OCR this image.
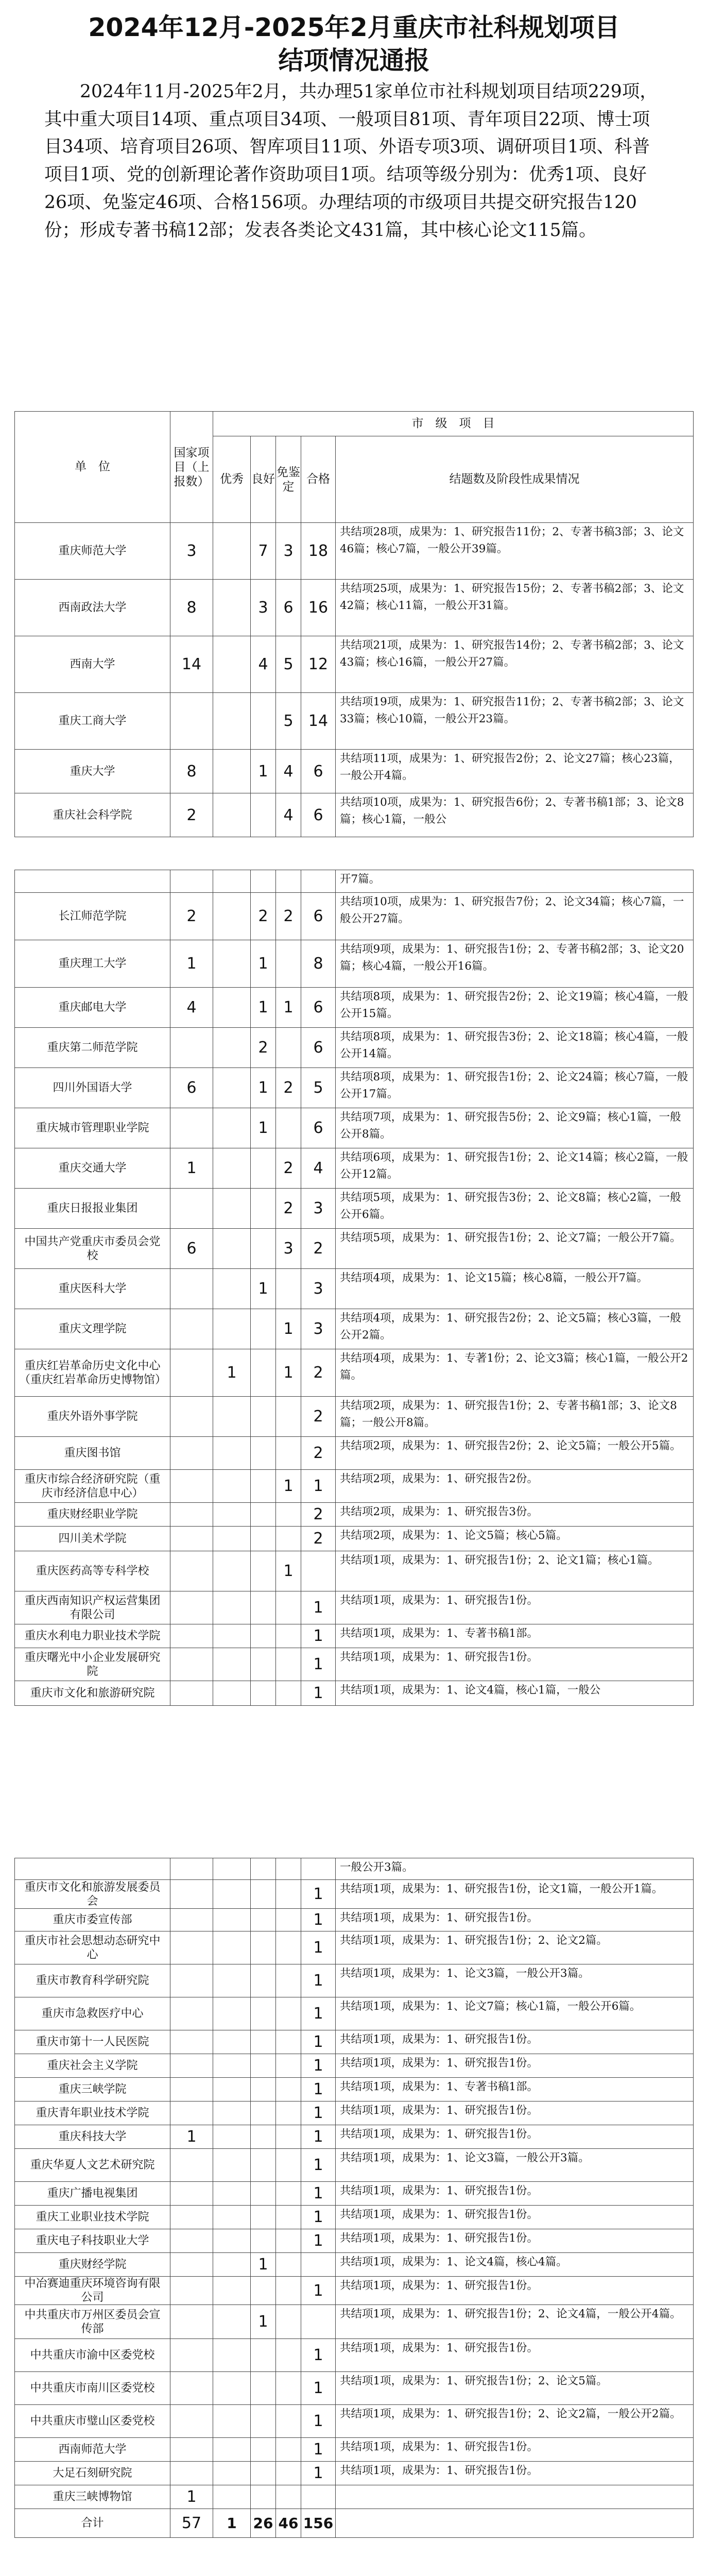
2024年12月-2025年2月重庆市社科规划项目
结项情况通报

2024年11月-2025年2月，共办理51家单位市社科规划项目结项229项，其中重大项目14项、重点项目34项、一般项目81项、青年项目22项、博士项目34项、培育项目26项、智库项目11项、外语专项3项、调研项目1项、科普项目1项、党的创新理论著作资助项目1项。结项等级分别为：优秀1项、良好26项、免鉴定46项、合格156项。办理结项的市级项目共提交研究报告120份；形成专著书稿12部；发表各类论文431篇，其中核心论文115篇。

单　位	国家项目（上报数）	市　级　项　目				
		优秀	良好	免鉴定	合格	结题数及阶段性成果情况
重庆师范大学	3		7	3	18	共结项28项，成果为：1、研究报告11份；2、专著书稿3部；3、论文46篇；核心7篇，一般公开39篇。
西南政法大学	8		3	6	16	共结项25项，成果为：1、研究报告15份；2、专著书稿2部；3、论文42篇；核心11篇，一般公开31篇。
西南大学	14		4	5	12	共结项21项，成果为：1、研究报告14份；2、专著书稿2部；3、论文43篇；核心16篇，一般公开27篇。
重庆工商大学				5	14	共结项19项，成果为：1、研究报告11份；2、专著书稿2部；3、论文33篇；核心10篇，一般公开23篇。
重庆大学	8		1	4	6	共结项11项，成果为：1、研究报告2份；2、论文27篇；核心23篇，一般公开4篇。
重庆社会科学院	2			4	6	共结项10项，成果为：1、研究报告6份；2、专著书稿1部；3、论文8篇；核心1篇，一般公
						开7篇。
长江师范学院	2		2	2	6	共结项10项，成果为：1、研究报告7份；2、论文34篇；核心7篇，一般公开27篇。
重庆理工大学	1		1		8	共结项9项，成果为：1、研究报告1份；2、专著书稿2部；3、论文20篇；核心4篇，一般公开16篇。
重庆邮电大学	4		1	1	6	共结项8项，成果为：1、研究报告2份；2、论文19篇；核心4篇，一般公开15篇。
重庆第二师范学院			2		6	共结项8项，成果为：1、研究报告3份；2、论文18篇；核心4篇，一般公开14篇。
四川外国语大学	6		1	2	5	共结项8项，成果为：1、研究报告1份；2、论文24篇；核心7篇，一般公开17篇。
重庆城市管理职业学院			1		6	共结项7项，成果为：1、研究报告5份；2、论文9篇；核心1篇，一般公开8篇。
重庆交通大学	1			2	4	共结项6项，成果为：1、研究报告1份；2、论文14篇；核心2篇，一般公开12篇。
重庆日报报业集团				2	3	共结项5项，成果为：1、研究报告3份；2、论文8篇；核心2篇，一般公开6篇。
中国共产党重庆市委员会党校	6			3	2	共结项5项，成果为：1、研究报告1份；2、论文7篇；一般公开7篇。
重庆医科大学			1		3	共结项4项，成果为：1、论文15篇；核心8篇，一般公开7篇。
重庆文理学院				1	3	共结项4项，成果为：1、研究报告2份；2、论文5篇；核心3篇，一般公开2篇。
重庆红岩革命历史文化中心（重庆红岩革命历史博物馆）		1		1	2	共结项4项，成果为：1、专著1份；2、论文3篇；核心1篇，一般公开2篇。
重庆外语外事学院					2	共结项2项，成果为：1、研究报告1份；2、专著书稿1部；3、论文8篇；一般公开8篇。
重庆图书馆					2	共结项2项，成果为：1、研究报告2份；2、论文5篇；一般公开5篇。
重庆市综合经济研究院（重庆市经济信息中心）				1	1	共结项2项，成果为：1、研究报告2份。
重庆财经职业学院					2	共结项2项，成果为：1、研究报告3份。
四川美术学院					2	共结项2项，成果为：1、论文5篇；核心5篇。
重庆医药高等专科学校				1		共结项1项，成果为：1、研究报告1份；2、论文1篇；核心1篇。
重庆西南知识产权运营集团有限公司					1	共结项1项，成果为：1、研究报告1份。
重庆水利电力职业技术学院					1	共结项1项，成果为：1、专著书稿1部。
重庆曙光中小企业发展研究院					1	共结项1项，成果为：1、研究报告1份。
重庆市文化和旅游研究院					1	共结项1项，成果为：1、论文4篇，核心1篇，一般公
						一般公开3篇。
重庆市文化和旅游发展委员会					1	共结项1项，成果为：1、研究报告1份，论文1篇，一般公开1篇。
重庆市委宣传部					1	共结项1项，成果为：1、研究报告1份。
重庆市社会思想动态研究中心					1	共结项1项，成果为：1、研究报告1份；2、论文2篇。
重庆市教育科学研究院					1	共结项1项，成果为：1、论文3篇，一般公开3篇。
重庆市急救医疗中心					1	共结项1项，成果为：1、论文7篇；核心1篇，一般公开6篇。
重庆市第十一人民医院					1	共结项1项，成果为：1、研究报告1份。
重庆社会主义学院					1	共结项1项，成果为：1、研究报告1份。
重庆三峡学院					1	共结项1项，成果为：1、专著书稿1部。
重庆青年职业技术学院					1	共结项1项，成果为：1、研究报告1份。
重庆科技大学	1				1	共结项1项，成果为：1、研究报告1份。
重庆华夏人文艺术研究院					1	共结项1项，成果为：1、论文3篇，一般公开3篇。
重庆广播电视集团					1	共结项1项，成果为：1、研究报告1份。
重庆工业职业技术学院					1	共结项1项，成果为：1、研究报告1份。
重庆电子科技职业大学					1	共结项1项，成果为：1、研究报告1份。
重庆财经学院			1			共结项1项，成果为：1、论文4篇，核心4篇。
中冶赛迪重庆环境咨询有限公司					1	共结项1项，成果为：1、研究报告1份。
中共重庆市万州区委员会宣传部			1			共结项1项，成果为：1、研究报告1份；2、论文4篇，一般公开4篇。
中共重庆市渝中区委党校					1	共结项1项，成果为：1、研究报告1份。
中共重庆市南川区委党校					1	共结项1项，成果为：1、研究报告1份；2、论文5篇。
中共重庆市璧山区委党校					1	共结项1项，成果为：1、研究报告1份；2、论文2篇，一般公开2篇。
西南师范大学					1	共结项1项，成果为：1、研究报告1份。
大足石刻研究院					1	共结项1项，成果为：1、研究报告1份。
重庆三峡博物馆	1					
合计	57	1	26	46	156	
